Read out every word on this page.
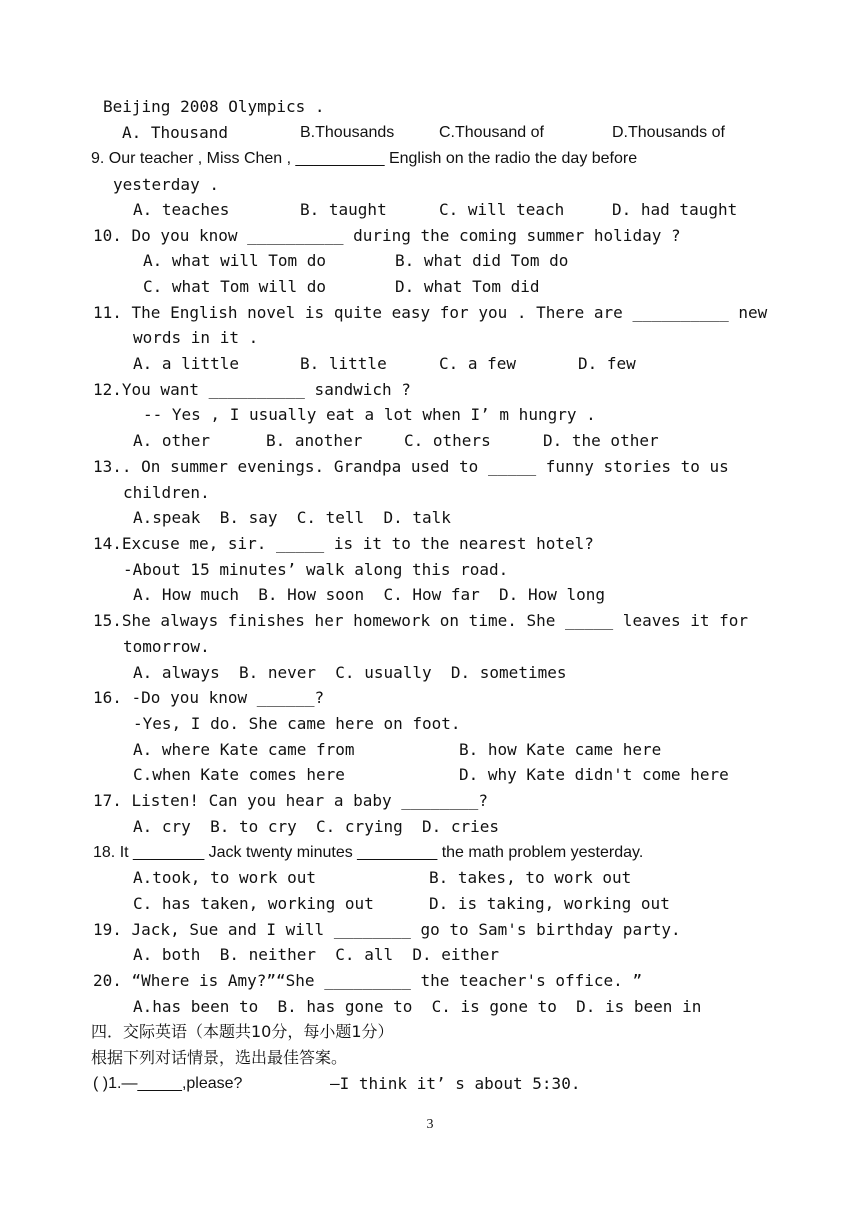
Beijing 2008 Olympics .
A. Thousand	B.Thousands	C.Thousand of	D.Thousands of
9. Our teacher , Miss Chen , __________ English on the radio the day before
yesterday .
A. teaches	B. taught	C. will teach	D. had taught
10. Do you know __________ during the coming summer holiday ?
A. what will Tom do	B. what did Tom do
C. what Tom will do	D. what Tom did
11. The English novel is quite easy for you . There are __________ new
words in it .
A. a little	B. little	C. a few	D. few
12.You want __________ sandwich ?
-- Yes , I usually eat a lot when I’ m hungry .
A. other	B. another	C. others	D. the other
13.. On summer evenings. Grandpa used to _____ funny stories to us
children.
A.speak  B. say  C. tell  D. talk
14.Excuse me, sir. _____ is it to the nearest hotel?
-About 15 minutes’ walk along this road.
A. How much  B. How soon  C. How far  D. How long
15.She always finishes her homework on time. She _____ leaves it for
tomorrow.
A. always  B. never  C. usually  D. sometimes
16. -Do you know ______?
-Yes, I do. She came here on foot.
A. where Kate came from	B. how Kate came here
C.when Kate comes here	D. why Kate didn't come here
17. Listen! Can you hear a baby ________?
A. cry  B. to cry  C. crying  D. cries
18. It ________ Jack twenty minutes _________ the math problem yesterday.
A.took, to work out	B. takes, to work out
C. has taken, working out	D. is taking, working out
19. Jack, Sue and I will ________ go to Sam's birthday party.
A. both  B. neither  C. all  D. either
20. “Where is Amy?”“She _________ the teacher's office. ”
A.has been to  B. has gone to  C. is gone to  D. is been in
四．交际英语（本题共10分，每小题1分）
根据下列对话情景，选出最佳答案。
( )1.—_____,please?	—I think it’ s about 5:30.
3
